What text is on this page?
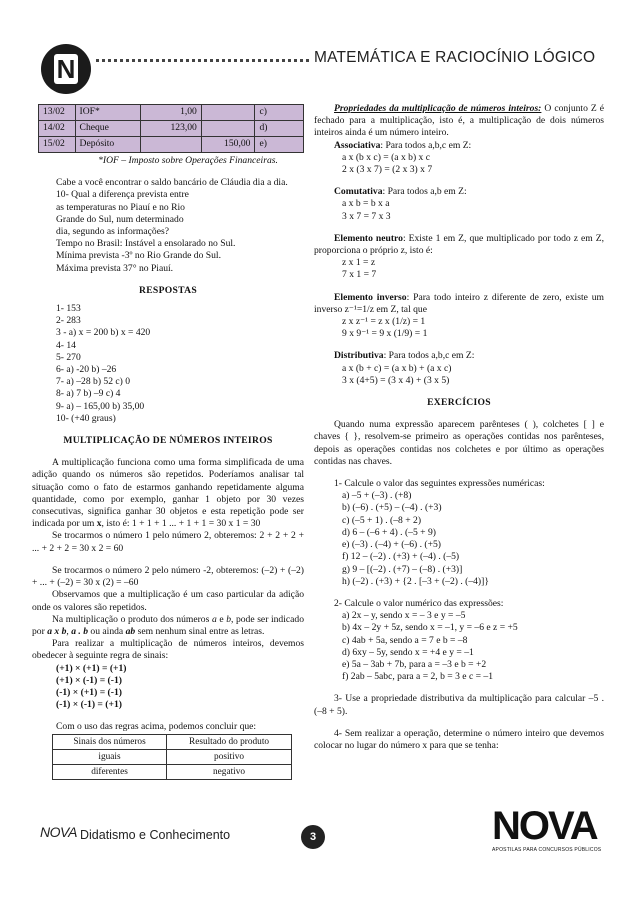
N	MATEMÁTICA E RACIOCÍNIO LÓGICO
13/02	IOF*	1,00		c)
14/02	Cheque	123,00		d)
15/02	Depósito		150,00	e)

*IOF – Imposto sobre Operações Financeiras.

Cabe a você encontrar o saldo bancário de Cláudia dia a dia.

10- Qual a diferença prevista entre

as temperaturas no Piauí e no Rio

Grande do Sul, num determinado

dia, segundo as informações?

Tempo no Brasil: Instável a ensolarado no Sul.

Mínima prevista -3º no Rio Grande do Sul.

Máxima prevista 37° no Piauí.

RESPOSTAS

1- 153

2- 283

3 - a) x = 200 b) x = 420

4- 14

5- 270

6- a) -20 b) –26

7- a) –28 b) 52 c) 0

8- a) 7 b) –9 c) 4

9- a) – 165,00 b) 35,00

10- (+40 graus)

MULTIPLICAÇÃO DE NÚMEROS INTEIROS

A multiplicação funciona como uma forma simplificada de uma adição quando os números são repetidos. Poderíamos analisar tal situação como o fato de estarmos ganhando repetidamente alguma quantidade, como por exemplo, ganhar 1 objeto por 30 vezes consecutivas, significa ganhar 30 objetos e esta repetição pode ser indicada por um x, isto é: 1 + 1 + 1 ... + 1 + 1 = 30 x 1 = 30

Se trocarmos o número 1 pelo número 2, obteremos: 2 + 2 + 2 + ... + 2 + 2 = 30 x 2 = 60

Se trocarmos o número 2 pelo número -2, obteremos: (–2) + (–2) + ... + (–2) = 30 x (2) = –60

Observamos que a multiplicação é um caso particular da adição onde os valores são repetidos.

Na multiplicação o produto dos números a e b, pode ser indicado por a x b, a . b ou ainda ab sem nenhum sinal entre as letras.

Para realizar a multiplicação de números inteiros, devemos obedecer à seguinte regra de sinais:

(+1) × (+1) = (+1)

(+1) × (-1) = (-1)

(-1) × (+1) = (-1)

(-1) × (-1) = (+1)

Com o uso das regras acima, podemos concluir que:

Sinais dos números	Resultado do produto
iguais	positivo
diferentes	negativo

Propriedades da multiplicação de números inteiros: O conjunto Z é fechado para a multiplicação, isto é, a multiplicação de dois números inteiros ainda é um número inteiro.

Associativa: Para todos a,b,c em Z:

a x (b x c) = (a x b) x c

2 x (3 x 7) = (2 x 3) x 7

Comutativa: Para todos a,b em Z:

a x b = b x a

3 x 7 = 7 x 3

Elemento neutro: Existe 1 em Z, que multiplicado por todo z em Z, proporciona o próprio z, isto é:

z x 1 = z

7 x 1 = 7

Elemento inverso: Para todo inteiro z diferente de zero, existe um inverso z⁻¹=1/z em Z, tal que

z x z⁻¹ = z x (1/z) = 1

9 x 9⁻¹ = 9 x (1/9) = 1

Distributiva: Para todos a,b,c em Z:

a x (b + c) = (a x b) + (a x c)

3 x (4+5) = (3 x 4) + (3 x 5)

EXERCÍCIOS

Quando numa expressão aparecem parênteses ( ), colchetes [ ] e chaves { }, resolvem-se primeiro as operações contidas nos parênteses, depois as operações contidas nos colchetes e por último as operações contidas nas chaves.

1- Calcule o valor das seguintes expressões numéricas:

a) –5 + (–3) . (+8)

b) (–6) . (+5) – (–4) . (+3)

c) (–5 + 1) . (–8 + 2)

d) 6 – (–6 + 4) . (–5 + 9)

e) (–3) . (–4) + (–6) . (+5)

f) 12 – (–2) . (+3) + (–4) . (–5)

g) 9 – [(–2) . (+7) – (–8) . (+3)]

h) (–2) . (+3) + {2 . [–3 + (–2) . (–4)]}

2- Calcule o valor numérico das expressões:

a) 2x – y, sendo x = – 3 e y = –5

b) 4x – 2y + 5z, sendo x = –1, y = –6 e z = +5

c) 4ab + 5a, sendo a = 7 e b = –8

d) 6xy – 5y, sendo x = +4 e y = –1

e) 5a – 3ab + 7b, para a = –3 e b = +2

f) 2ab – 5abc, para a = 2, b = 3 e c = –1

3- Use a propriedade distributiva da multiplicação para calcular –5 . (–8 + 5).

4- Sem realizar a operação, determine o número inteiro que devemos colocar no lugar do número x para que se tenha:

NOVA Didatismo e Conhecimento	3	NOVA
APOSTILAS PARA CONCURSOS PÚBLICOS
